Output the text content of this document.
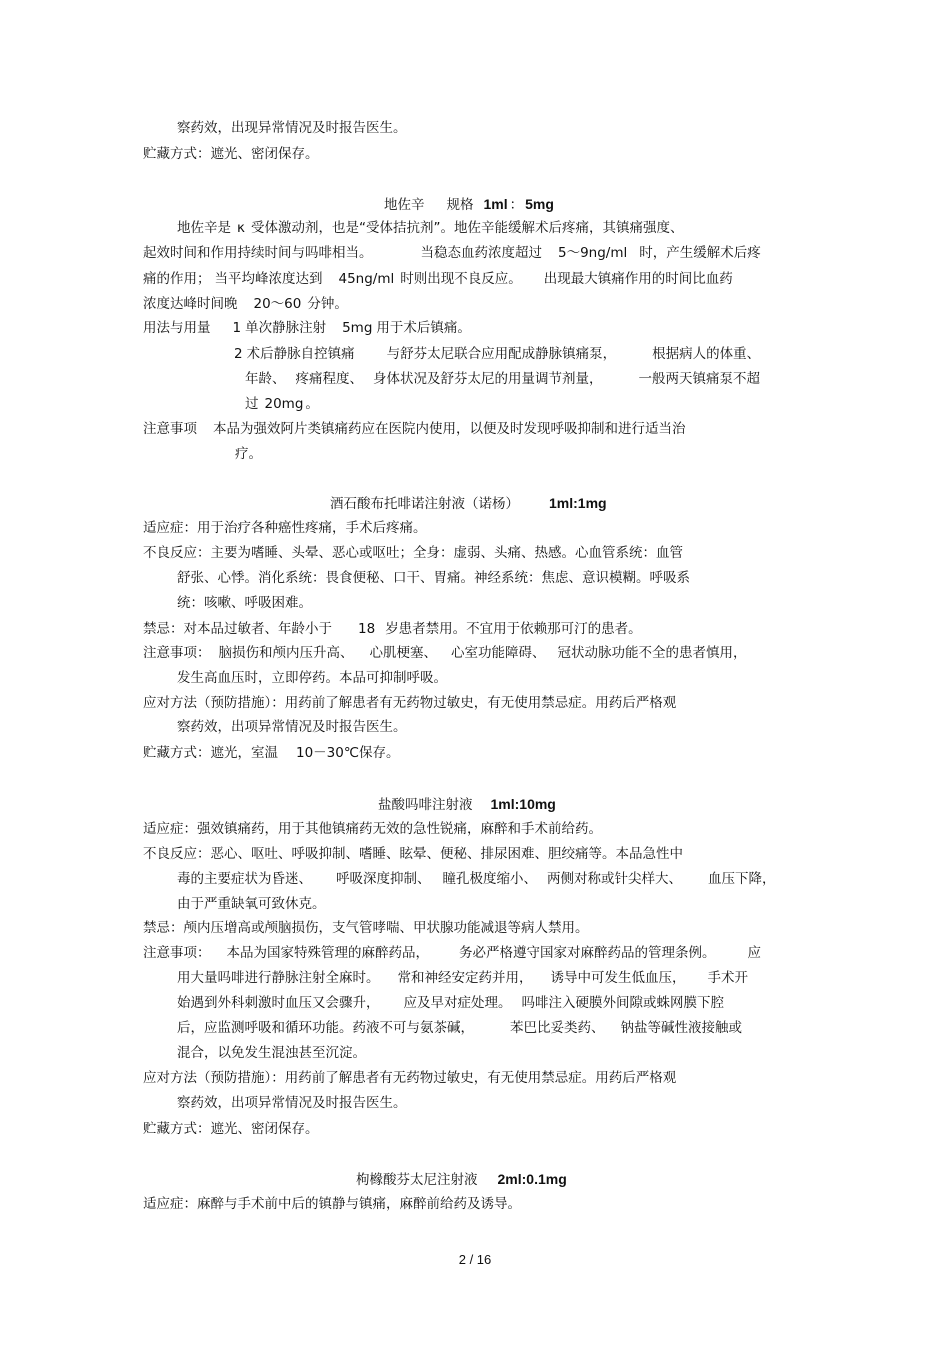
察药效，出现异常情况及时报告医生。
贮藏方式：遮光、密闭保存。
地佐辛 规格 1ml ： 5mg
地佐辛是 κ 受体激动剂，也是“受体拮抗剂”。地佐辛能缓解术后疼痛，其镇痛强度、
起效时间和作用持续时间与吗啡相当。	当稳态血药浓度超过 5～9ng/ml 时，产生缓解术后疼
痛的作用； 当平均峰浓度达到 45ng/ml 时则出现不良反应。 出现最大镇痛作用的时间比血药
浓度达峰时间晚 20～60 分钟。
用法与用量 1 单次静脉注射 5mg 用于术后镇痛。
2 术后静脉自控镇痛 与舒芬太尼联合应用配成静脉镇痛泵，	根据病人的体重、
年龄、 疼痛程度、 身体状况及舒芬太尼的用量调节剂量，	一般两天镇痛泵不超
过 20mg 。
注意事项 本品为强效阿片类镇痛药应在医院内使用，以便及时发现呼吸抑制和进行适当治
疗。
酒石酸布托啡诺注射液（诺杨） 1ml:1mg
适应症：用于治疗各种癌性疼痛，手术后疼痛。
不良反应：主要为嗜睡、头晕、恶心或呕吐；全身：虚弱、头痛、热感。心血管系统：血管
舒张、心悸。消化系统：畏食便秘、口干、胃痛。神经系统：焦虑、意识模糊。呼吸系
统：咳嗽、呼吸困难。
禁忌：对本品过敏者、年龄小于 18 岁患者禁用。不宜用于依赖那可汀的患者。
注意事项： 脑损伤和颅内压升高、 心肌梗塞、 心室功能障碍、 冠状动脉功能不全的患者慎用，
发生高血压时，立即停药。本品可抑制呼吸。
应对方法（预防措施）：用药前了解患者有无药物过敏史，有无使用禁忌症。用药后严格观
察药效，出项异常情况及时报告医生。
贮藏方式：遮光，室温 10－30℃保存。
盐酸吗啡注射液 1ml:10mg
适应症：强效镇痛药，用于其他镇痛药无效的急性锐痛，麻醉和手术前给药。
不良反应：恶心、呕吐、呼吸抑制、嗜睡、眩晕、便秘、排尿困难、胆绞痛等。本品急性中
毒的主要症状为昏迷、 呼吸深度抑制、 瞳孔极度缩小、 两侧对称或针尖样大、 血压下降，
由于严重缺氧可致休克。
禁忌：颅内压增高或颅脑损伤，支气管哮喘、甲状腺功能减退等病人禁用。
注意事项： 本品为国家特殊管理的麻醉药品， 务必严格遵守国家对麻醉药品的管理条例。 应
用大量吗啡进行静脉注射全麻时。 常和神经安定药并用， 诱导中可发生低血压， 手术开
始遇到外科刺激时血压又会骤升， 应及早对症处理。 吗啡注入硬膜外间隙或蛛网膜下腔
后，应监测呼吸和循环功能。药液不可与氨茶碱，	苯巴比妥类药、 钠盐等碱性液接触或
混合，以免发生混浊甚至沉淀。
应对方法（预防措施）：用药前了解患者有无药物过敏史，有无使用禁忌症。用药后严格观
察药效，出项异常情况及时报告医生。
贮藏方式：遮光、密闭保存。
枸橼酸芬太尼注射液 2ml:0.1mg
适应症：麻醉与手术前中后的镇静与镇痛，麻醉前给药及诱导。
2 / 16
